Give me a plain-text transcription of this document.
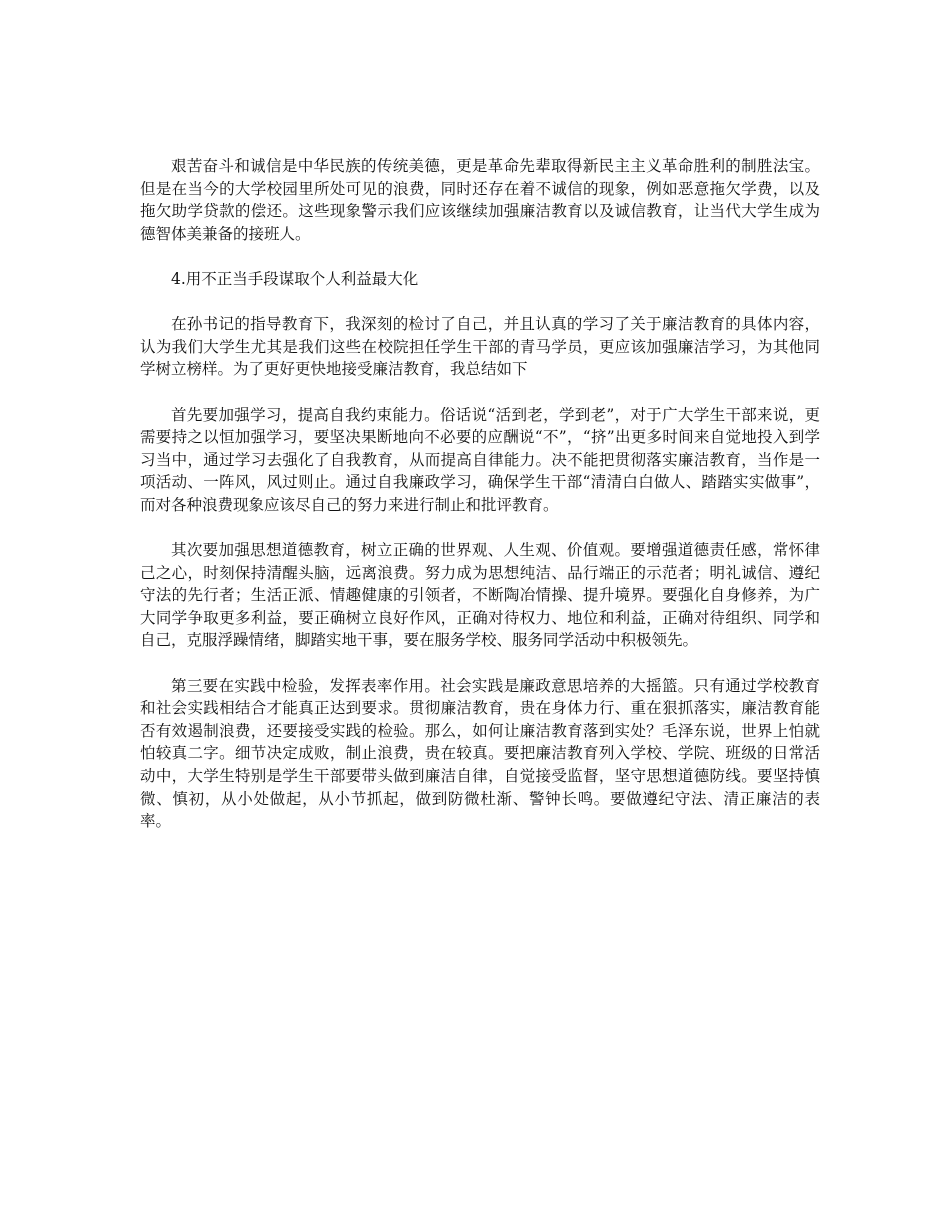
艰苦奋斗和诚信是中华民族的传统美德，更是革命先辈取得新民主主义革命胜利的制胜法宝。但是在当今的大学校园里所处可见的浪费，同时还存在着不诚信的现象，例如恶意拖欠学费，以及拖欠助学贷款的偿还。这些现象警示我们应该继续加强廉洁教育以及诚信教育，让当代大学生成为德智体美兼备的接班人。

4.用不正当手段谋取个人利益最大化

在孙书记的指导教育下，我深刻的检讨了自己，并且认真的学习了关于廉洁教育的具体内容，认为我们大学生尤其是我们这些在校院担任学生干部的青马学员，更应该加强廉洁学习，为其他同学树立榜样。为了更好更快地接受廉洁教育，我总结如下

首先要加强学习，提高自我约束能力。俗话说“活到老，学到老”，对于广大学生干部来说，更需要持之以恒加强学习，要坚决果断地向不必要的应酬说“不”，“挤”出更多时间来自觉地投入到学习当中，通过学习去强化了自我教育，从而提高自律能力。决不能把贯彻落实廉洁教育，当作是一项活动、一阵风，风过则止。通过自我廉政学习，确保学生干部“清清白白做人、踏踏实实做事”，而对各种浪费现象应该尽自己的努力来进行制止和批评教育。

其次要加强思想道德教育，树立正确的世界观、人生观、价值观。要增强道德责任感，常怀律己之心，时刻保持清醒头脑，远离浪费。努力成为思想纯洁、品行端正的示范者；明礼诚信、遵纪守法的先行者；生活正派、情趣健康的引领者，不断陶冶情操、提升境界。要强化自身修养，为广大同学争取更多利益，要正确树立良好作风，正确对待权力、地位和利益，正确对待组织、同学和自己，克服浮躁情绪，脚踏实地干事，要在服务学校、服务同学活动中积极领先。

第三要在实践中检验，发挥表率作用。社会实践是廉政意思培养的大摇篮。只有通过学校教育和社会实践相结合才能真正达到要求。贯彻廉洁教育，贵在身体力行、重在狠抓落实，廉洁教育能否有效遏制浪费，还要接受实践的检验。那么，如何让廉洁教育落到实处？毛泽东说，世界上怕就怕较真二字。细节决定成败，制止浪费，贵在较真。要把廉洁教育列入学校、学院、班级的日常活动中，大学生特别是学生干部要带头做到廉洁自律，自觉接受监督，坚守思想道德防线。要坚持慎微、慎初，从小处做起，从小节抓起，做到防微杜渐、警钟长鸣。要做遵纪守法、清正廉洁的表率。
